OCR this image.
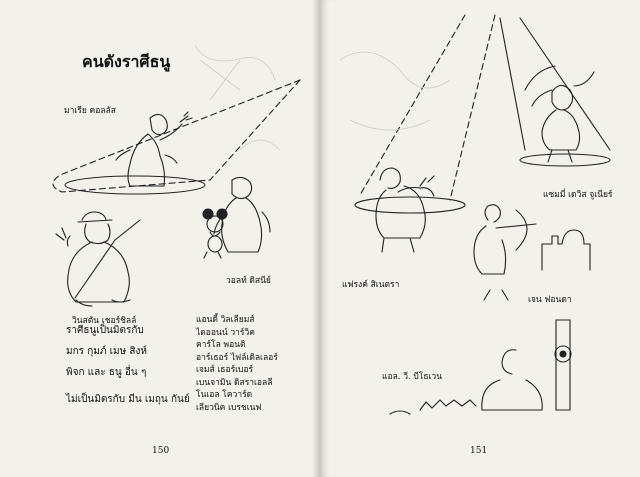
คนดังราศีธนู
มาเรีย คอลลัส
วอลท์ ดิสนีย์
วินสตัน เชอร์ชิลล์
ราศีธนูเป็นมิตรกับ
มกร กุมภ์ เมษ สิงห์
พิจก และ ธนู อื่น ๆ
ไม่เป็นมิตรกับ มีน เมถุน กันย์
แอนดี้ วิลเลียมส์
ไดออนน์ วาร์วิค
คาร์โล พอนติ
อาร์เธอร์ ไฟล์เดิลเลอร์
เจมส์ เธอร์เบอร์
เบนจามิน ดิสราเอลลี
โนเอล โควาร์ด
เลียวนิค เบรชเนฟ
150
แซมมี่ เดวิส จูเนียร์
แฟรงค์ สิเนตรา
เจน ฟอนดา
แอล. วี. บีโธเวน
151
